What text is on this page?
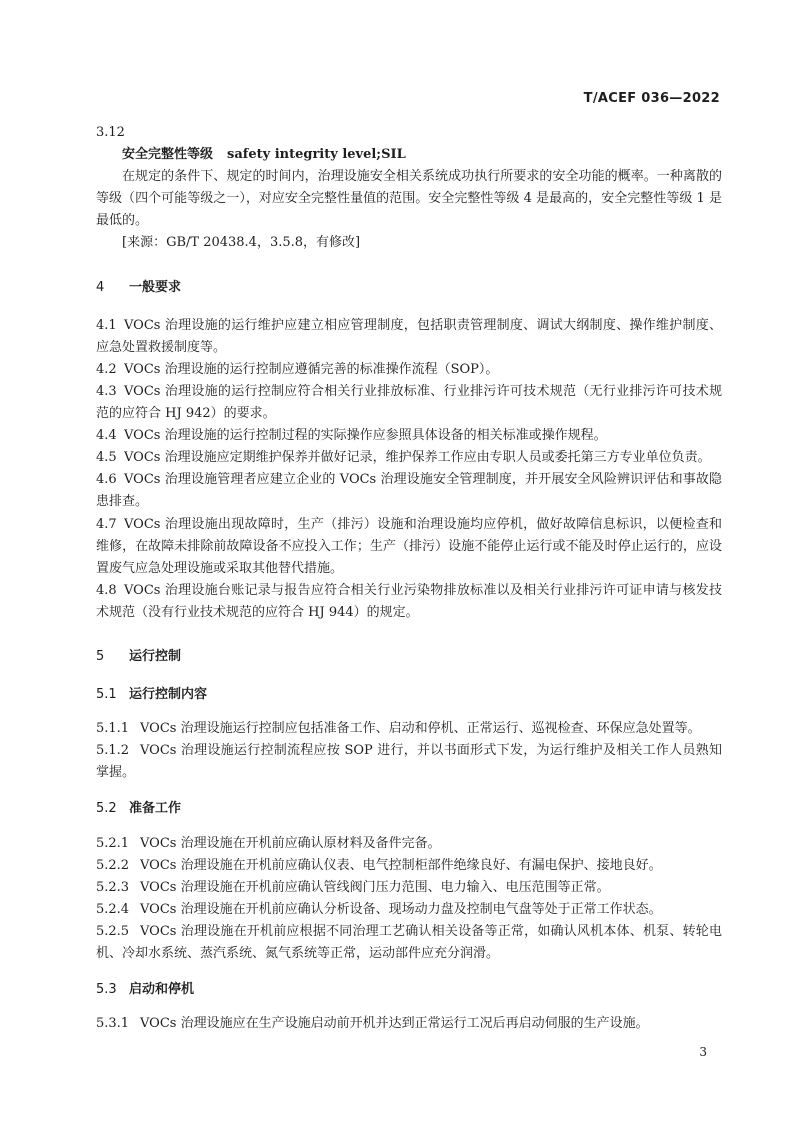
T/ACEF 036—2022
3.12
安全完整性等级 safety integrity level;SIL

在规定的条件下、规定的时间内，治理设施安全相关系统成功执行所要求的安全功能的概率。一种离散的等级（四个可能等级之一），对应安全完整性量值的范围。安全完整性等级 4 是最高的，安全完整性等级 1 是最低的。

[来源：GB/T 20438.4，3.5.8，有修改]

4 一般要求

4.1 VOCs 治理设施的运行维护应建立相应管理制度，包括职责管理制度、调试大纲制度、操作维护制度、应急处置救援制度等。

4.2 VOCs 治理设施的运行控制应遵循完善的标准操作流程（SOP）。

4.3 VOCs 治理设施的运行控制应符合相关行业排放标准、行业排污许可技术规范（无行业排污许可技术规范的应符合 HJ 942）的要求。

4.4 VOCs 治理设施的运行控制过程的实际操作应参照具体设备的相关标准或操作规程。

4.5 VOCs 治理设施应定期维护保养并做好记录，维护保养工作应由专职人员或委托第三方专业单位负责。

4.6 VOCs 治理设施管理者应建立企业的 VOCs 治理设施安全管理制度，并开展安全风险辨识评估和事故隐患排查。

4.7 VOCs 治理设施出现故障时，生产（排污）设施和治理设施均应停机，做好故障信息标识，以便检查和维修，在故障未排除前故障设备不应投入工作；生产（排污）设施不能停止运行或不能及时停止运行的，应设置废气应急处理设施或采取其他替代措施。

4.8 VOCs 治理设施台账记录与报告应符合相关行业污染物排放标准以及相关行业排污许可证申请与核发技术规范（没有行业技术规范的应符合 HJ 944）的规定。

5 运行控制
5.1 运行控制内容

5.1.1 VOCs 治理设施运行控制应包括准备工作、启动和停机、正常运行、巡视检查、环保应急处置等。

5.1.2 VOCs 治理设施运行控制流程应按 SOP 进行，并以书面形式下发，为运行维护及相关工作人员熟知掌握。

5.2 准备工作

5.2.1 VOCs 治理设施在开机前应确认原材料及备件完备。

5.2.2 VOCs 治理设施在开机前应确认仪表、电气控制柜部件绝缘良好、有漏电保护、接地良好。

5.2.3 VOCs 治理设施在开机前应确认管线阀门压力范围、电力输入、电压范围等正常。

5.2.4 VOCs 治理设施在开机前应确认分析设备、现场动力盘及控制电气盘等处于正常工作状态。

5.2.5 VOCs 治理设施在开机前应根据不同治理工艺确认相关设备等正常，如确认风机本体、机泵、转轮电机、冷却水系统、蒸汽系统、氮气系统等正常，运动部件应充分润滑。

5.3 启动和停机

5.3.1 VOCs 治理设施应在生产设施启动前开机并达到正常运行工况后再启动伺服的生产设施。

3
